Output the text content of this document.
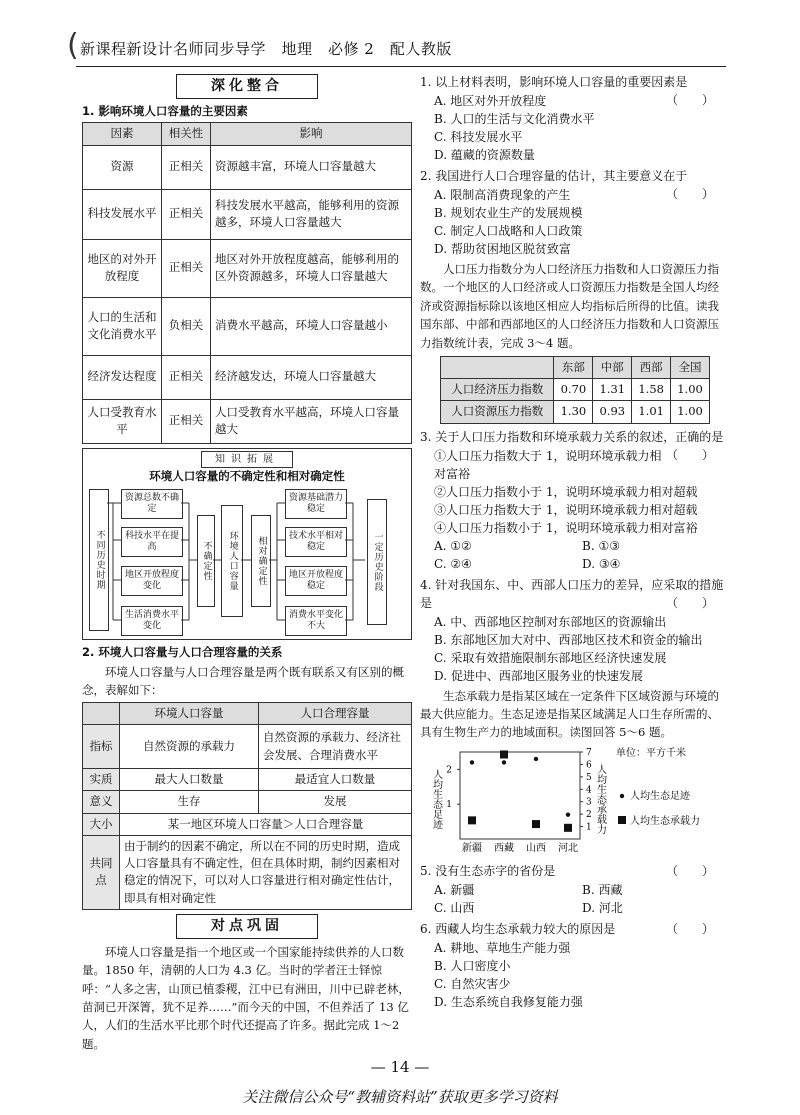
( 新课程新设计名师同步导学　地理　必修 2　配人教版
深化整合
1. 影响环境人口容量的主要因素
因素	相关性	影响
资源	正相关	资源越丰富，环境人口容量越大
科技发展水平	正相关	科技发展水平越高，能够利用的资源越多，环境人口容量越大
地区的对外开放程度	正相关	地区对外开放程度越高，能够利用的区外资源越多，环境人口容量越大
人口的生活和文化消费水平	负相关	消费水平越高，环境人口容量越小
经济发达程度	正相关	经济越发达，环境人口容量越大
人口受教育水平	正相关	人口受教育水平越高，环境人口容量越大
知识拓展
环境人口容量的不确定性和相对确定性
不同历史时期
资源总数不确定
科技水平在提高
地区开放程度变化
生活消费水平变化
不确定性	环境人口容量	相对确定性
资源基础潜力稳定
技术水平相对稳定
地区开放程度稳定
消费水平变化不大
一定历史阶段
2. 环境人口容量与人口合理容量的关系
环境人口容量与人口合理容量是两个既有联系又有区别的概念，表解如下：
	环境人口容量	人口合理容量
指标	自然资源的承载力	自然资源的承载力、经济社会发展、合理消费水平
实质	最大人口数量	最适宜人口数量
意义	生存	发展
大小	某一地区环境人口容量＞人口合理容量	
共同点	由于制约的因素不确定，所以在不同的历史时期，造成人口容量具有不确定性，但在具体时期，制约因素相对稳定的情况下，可以对人口容量进行相对确定性估计，即具有相对确定性	
对点巩固
环境人口容量是指一个地区或一个国家能持续供养的人口数量。1850 年，清朝的人口为 4.3 亿。当时的学者汪士铎惊呼：“人多之害，山顶已植黍稷，江中已有洲田，川中已辟老林，苗洞已开深箐，犹不足养……”而今天的中国，不但养活了 13 亿人，人们的生活水平比那个时代还提高了许多。据此完成 1～2 题。
1. 以上材料表明，影响环境人口容量的重要因素是
（　　）
A. 地区对外开放程度
B. 人口的生活与文化消费水平
C. 科技发展水平
D. 蕴藏的资源数量
2. 我国进行人口合理容量的估计，其主要意义在于
（　　）
A. 限制高消费现象的产生
B. 规划农业生产的发展规模
C. 制定人口战略和人口政策
D. 帮助贫困地区脱贫致富
人口压力指数分为人口经济压力指数和人口资源压力指数。一个地区的人口经济或人口资源压力指数是全国人均经济或资源指标除以该地区相应人均指标后所得的比值。读我国东部、中部和西部地区的人口经济压力指数和人口资源压力指数统计表，完成 3～4 题。
	东部	中部	西部	全国
人口经济压力指数	0.70	1.31	1.58	1.00
人口资源压力指数	1.30	0.93	1.01	1.00
3. 关于人口压力指数和环境承载力关系的叙述，正确的是
（　　）
①人口压力指数大于 1，说明环境承载力相对富裕
②人口压力指数小于 1，说明环境承载力相对超载
③人口压力指数大于 1，说明环境承载力相对超载
④人口压力指数小于 1，说明环境承载力相对富裕
A. ①②	B. ①③
C. ②④	D. ③④
4. 针对我国东、中、西部人口压力的差异，应采取的措施是	（　　）
A. 中、西部地区控制对东部地区的资源输出
B. 东部地区加大对中、西部地区技术和资金的输出
C. 采取有效措施限制东部地区经济快速发展
D. 促进中、西部地区服务业的快速发展
生态承载力是指某区域在一定条件下区域资源与环境的最大供应能力。生态足迹是指某区域满足人口生存所需的、具有生物生产力的地域面积。读图回答 5～6 题。
1
2
1
2
3
4
5
6
7
人均生态足迹	人均生态承载力
新疆 西藏 山西 河北
单位：平方千米
人均生态足迹
人均生态承载力
5. 没有生态赤字的省份是	（　　）
A. 新疆	B. 西藏
C. 山西	D. 河北
6. 西藏人均生态承载力较大的原因是	（　　）
A. 耕地、草地生产能力强
B. 人口密度小
C. 自然灾害少
D. 生态系统自我修复能力强
— 14 —
关注微信公众号“教辅资料站”获取更多学习资料
